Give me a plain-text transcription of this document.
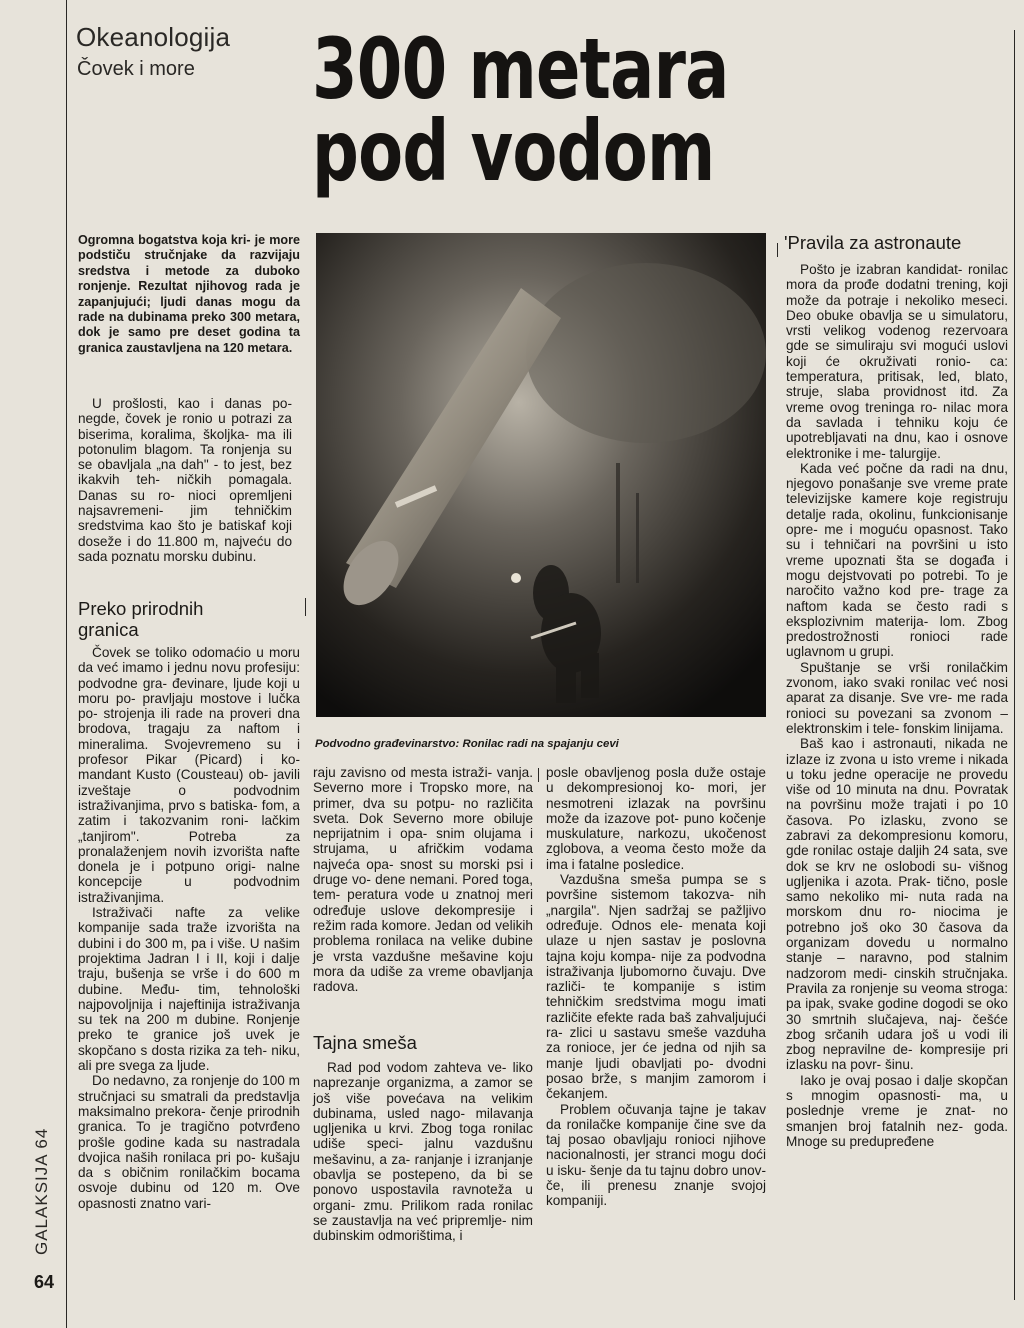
Okeanologija
Čovek i more 300 metara
pod vodom
Ogromna bogatstva koja kri- je more podstiču stručnjake da razvijaju sredstva i metode za duboko ronjenje. Rezultat njihovog rada je zapanjujući; ljudi danas mogu da rade na dubinama preko 300 metara, dok je samo pre deset godina ta granica zaustavljena na 120 metara.

U prošlosti, kao i danas po- negde, čovek je ronio u potrazi za biserima, koralima, školjka- ma ili potonulim blagom. Ta ronjenja su se obavljala „na dah" - to jest, bez ikakvih teh- ničkih pomagala. Danas su ro- nioci opremljeni najsavremeni- jim tehničkim sredstvima kao što je batiskaf koji doseže i do 11.800 m, najveću do sada poznatu morsku dubinu.

Preko prirodnih granica

Čovek se toliko odomaćio u moru da već imamo i jednu novu profesiju: podvodne gra- đevinare, ljude koji u moru po- pravljaju mostove i lučka po- strojenja ili rade na proveri dna brodova, tragaju za naftom i mineralima. Svojevremeno su i profesor Pikar (Picard) i ko- mandant Kusto (Cousteau) ob- javili izveštaje o podvodnim istraživanjima, prvo s batiska- fom, a zatim i takozvanim roni- lačkim „tanjirom". Potreba za pronalaženjem novih izvorišta nafte donela je i potpuno origi- nalne koncepcije u podvodnim istraživanjima.

Istraživači nafte za velike kompanije sada traže izvorišta na dubini i do 300 m, pa i više. U našim projektima Jadran I i II, koji i dalje traju, bušenja se vrše i do 600 m dubine. Među- tim, tehnološki najpovoljnija i najeftinija istraživanja su tek na 200 m dubine. Ronjenje preko te granice još uvek je skopčano s dosta rizika za teh- niku, ali pre svega za ljude.

Do nedavno, za ronjenje do 100 m stručnjaci su smatrali da predstavlja maksimalno prekora- čenje prirodnih granica. To je tragično potvrđeno prošle godine kada su nastradala dvojica naših ronilaca pri po- kušaju da s običnim ronilačkim bocama osvoje dubinu od 120 m. Ove opasnosti znatno vari-

Podvodno građevinarstvo: Ronilac radi na spajanju cevi

raju zavisno od mesta istraži- vanja. Severno more i Tropsko more, na primer, dva su potpu- no različita sveta. Dok Severno more obiluje neprijatnim i opa- snim olujama i strujama, u afričkim vodama najveća opa- snost su morski psi i druge vo- dene nemani. Pored toga, tem- peratura vode u znatnoj meri određuje uslove dekompresije i režim rada komore. Jedan od velikih problema ronilaca na velike dubine je vrsta vazdušne mešavine koju mora da udiše za vreme obavljanja radova.

Tajna smeša

Rad pod vodom zahteva ve- liko naprezanje organizma, a zamor se još više povećava na velikim dubinama, usled nago- milavanja ugljenika u krvi. Zbog toga ronilac udiše speci- jalnu vazdušnu mešavinu, a za- ranjanje i izranjanje obavlja se postepeno, da bi se ponovo uspostavila ravnoteža u organi- zmu. Prilikom rada ronilac se zaustavlja na već pripremlje- nim dubinskim odmorištima, i

posle obavljenog posla duže ostaje u dekompresionoj ko- mori, jer nesmotreni izlazak na površinu može da izazove pot- puno kočenje muskulature, narkozu, ukočenost zglobova, a veoma često može da ima i fatalne posledice.

Vazdušna smeša pumpa se s površine sistemom takozva- nih „nargila". Njen sadržaj se pažljivo određuje. Odnos ele- menata koji ulaze u njen sastav je poslovna tajna koju kompa- nije za podvodna istraživanja ljubomorno čuvaju. Dve različi- te kompanije s istim tehničkim sredstvima mogu imati različite efekte rada baš zahvaljujući ra- zlici u sastavu smeše vazduha za ronioce, jer će jedna od njih sa manje ljudi obavljati po- dvodni posao brže, s manjim zamorom i čekanjem.

Problem očuvanja tajne je takav da ronilačke kompanije čine sve da taj posao obavljaju ronioci njihove nacionalnosti, jer stranci mogu doći u isku- šenje da tu tajnu dobro unov- če, ili prenesu znanje svojoj kompaniji.

'Pravila za astronaute

Pošto je izabran kandidat- ronilac mora da prođe dodatni trening, koji može da potraje i nekoliko meseci. Deo obuke obavlja se u simulatoru, vrsti velikog vodenog rezervoara gde se simuliraju svi mogući uslovi koji će okruživati ronio- ca: temperatura, pritisak, led, blato, struje, slaba providnost itd. Za vreme ovog treninga ro- nilac mora da savlada i tehniku koju će upotrebljavati na dnu, kao i osnove elektronike i me- talurgije.

Kada već počne da radi na dnu, njegovo ponašanje sve vreme prate televizijske kamere koje registruju detalje rada, okolinu, funkcionisanje opre- me i moguću opasnost. Tako su i tehničari na površini u isto vreme upoznati šta se događa i mogu dejstvovati po potrebi. To je naročito važno kod pre- trage za naftom kada se često radi s eksplozivnim materija- lom. Zbog predostrožnosti ronioci rade uglavnom u grupi.

Spuštanje se vrši ronilačkim zvonom, iako svaki ronilac već nosi aparat za disanje. Sve vre- me rada ronioci su povezani sa zvonom – elektronskim i tele- fonskim linijama.

Baš kao i astronauti, nikada ne izlaze iz zvona u isto vreme i nikada u toku jedne operacije ne provedu više od 10 minuta na dnu. Povratak na površinu može trajati i po 10 časova. Po izlasku, zvono se zabravi za dekompresionu komoru, gde ronilac ostaje daljih 24 sata, sve dok se krv ne oslobodi su- višnog ugljenika i azota. Prak- tično, posle samo nekoliko mi- nuta rada na morskom dnu ro- niocima je potrebno još oko 30 časova da organizam dovedu u normalno stanje – naravno, pod stalnim nadzorom medi- cinskih stručnjaka. Pravila za ronjenje su veoma stroga: pa ipak, svake godine dogodi se oko 30 smrtnih slučajeva, naj- češće zbog srčanih udara još u vodi ili zbog nepravilne de- kompresije pri izlasku na povr- šinu.

Iako je ovaj posao i dalje skopčan s mnogim opasnosti- ma, u poslednje vreme je znat- no smanjen broj fatalnih nez- goda. Mnoge su predupređene

GALAKSIJA 64
64
